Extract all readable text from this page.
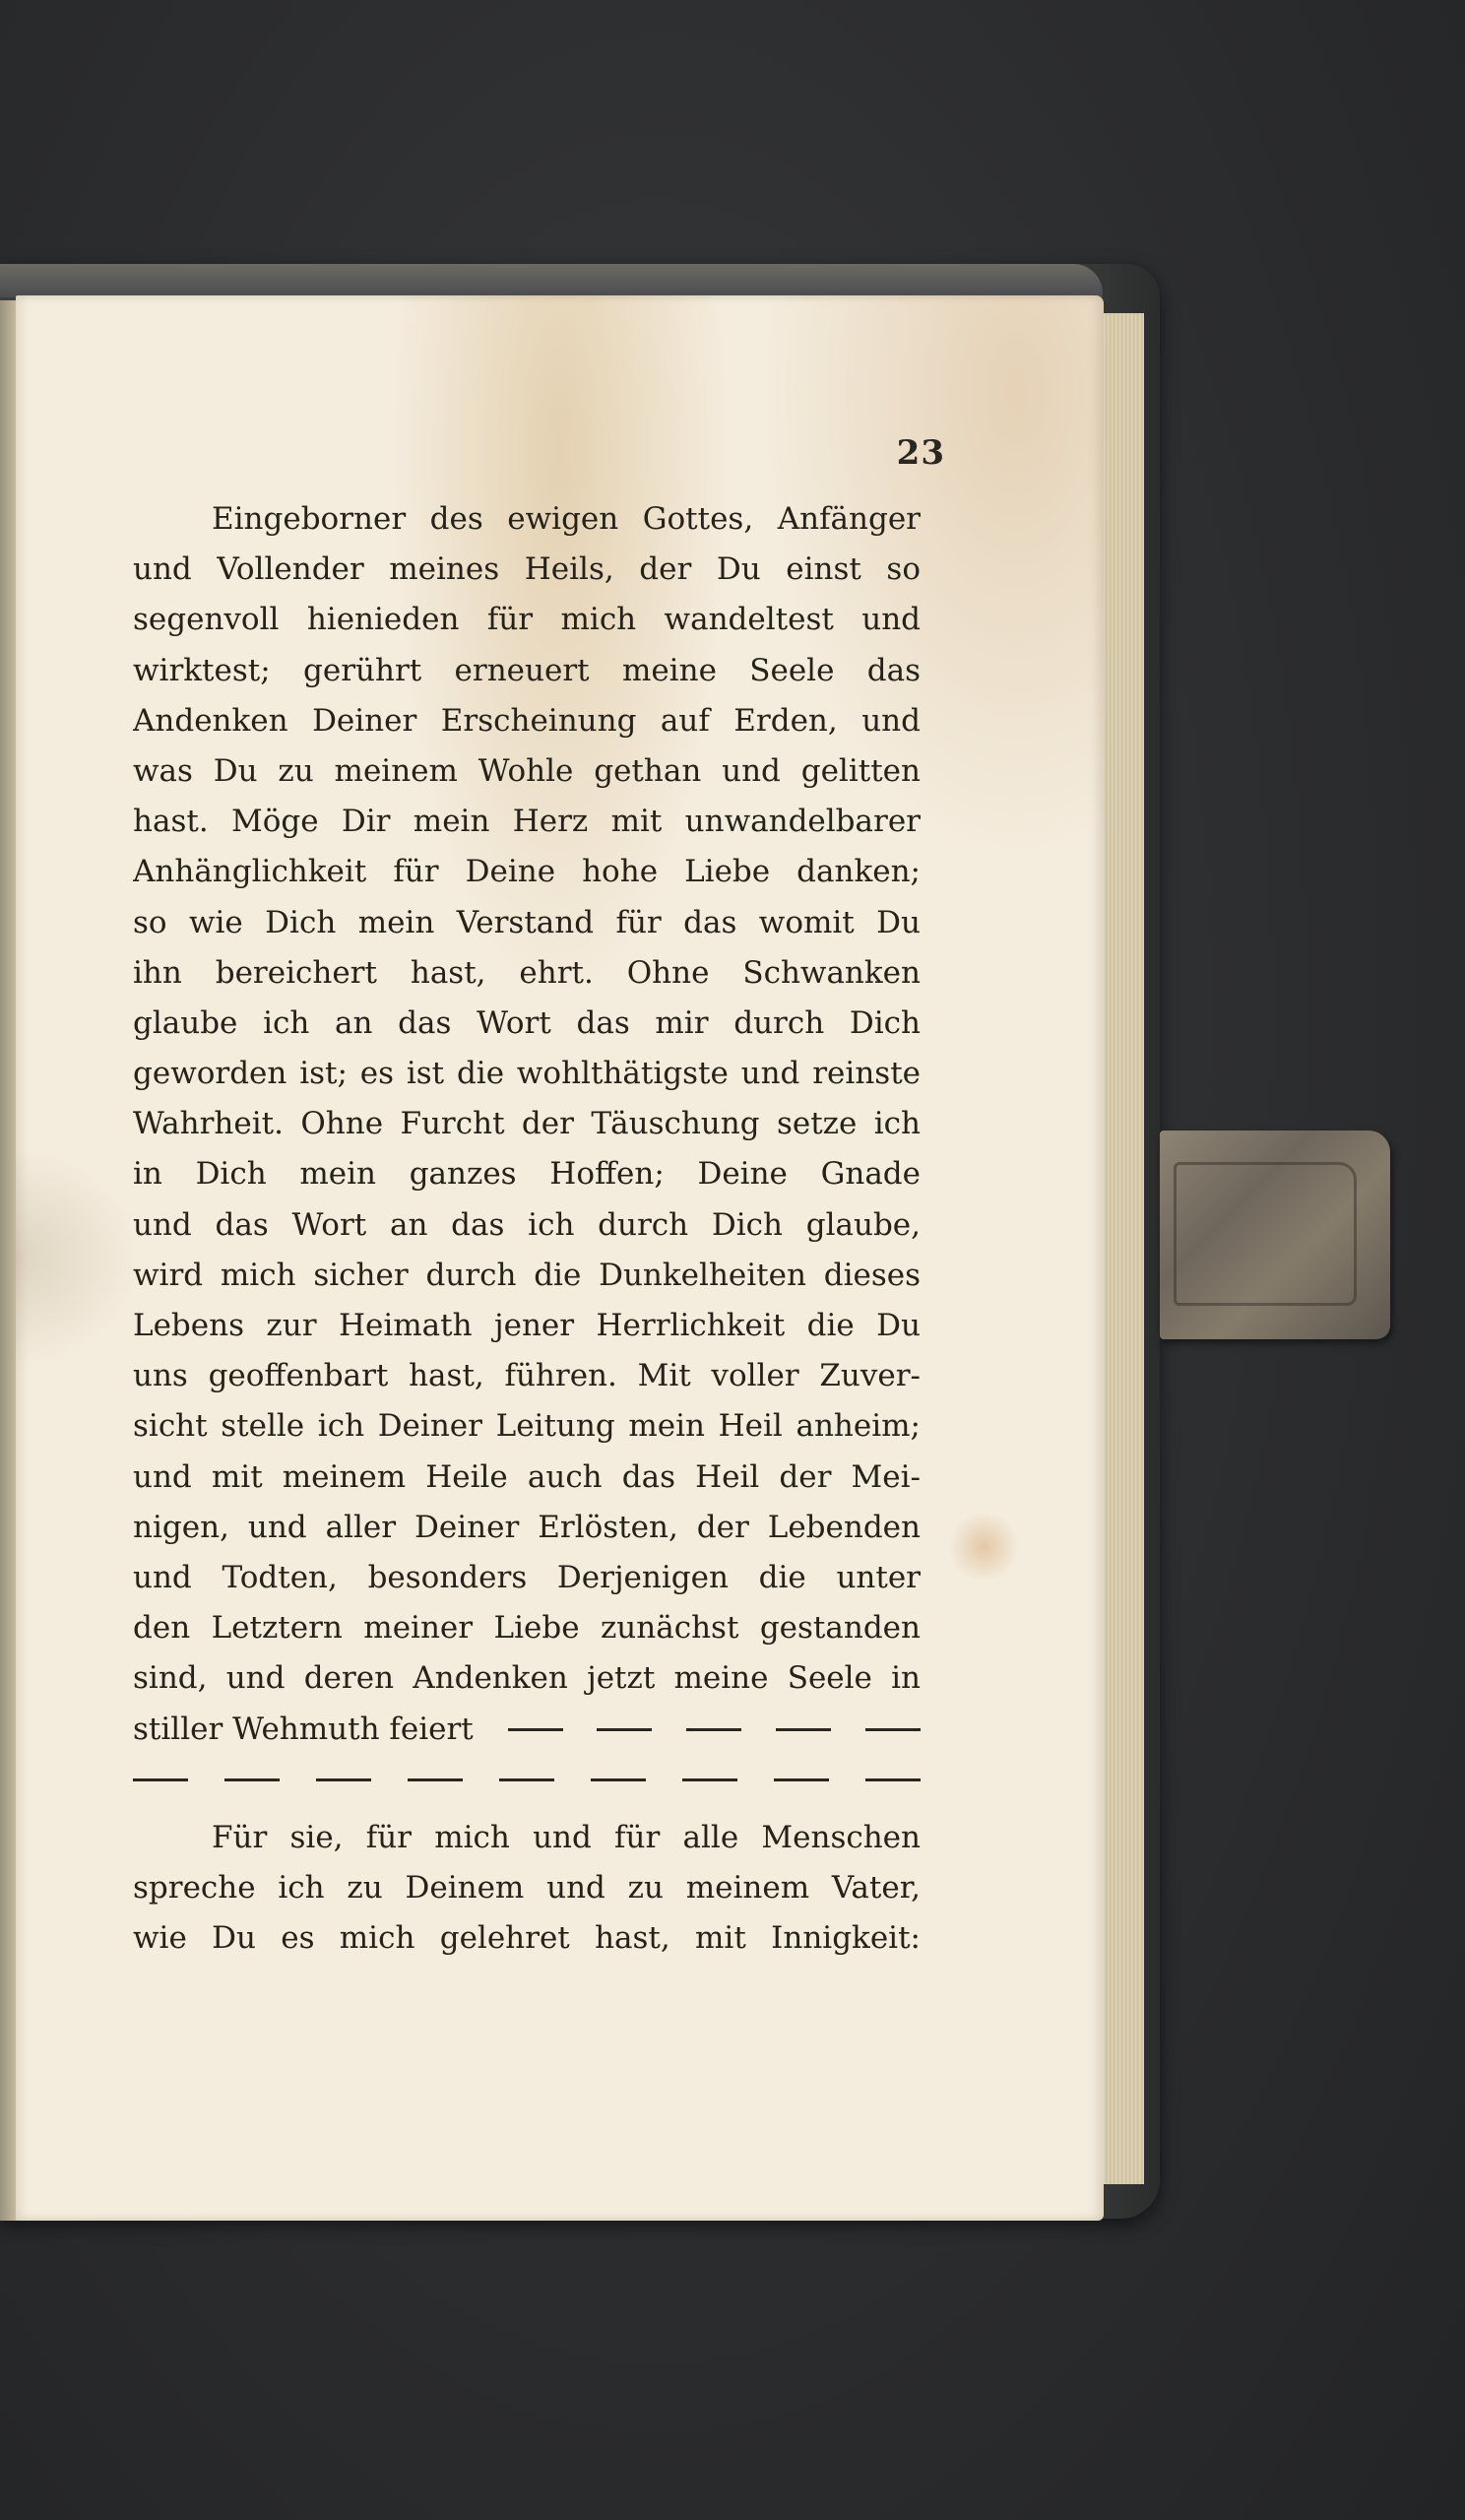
23
Eingeborner des ewigen Gottes, Anfänger
und Vollender meines Heils, der Du einst so
segenvoll hienieden für mich wandeltest und
wirktest; gerührt erneuert meine Seele das
Andenken Deiner Erscheinung auf Erden, und
was Du zu meinem Wohle gethan und gelitten
hast. Möge Dir mein Herz mit unwandelbarer
Anhänglichkeit für Deine hohe Liebe danken;
so wie Dich mein Verstand für das womit Du
ihn bereichert hast, ehrt. Ohne Schwanken
glaube ich an das Wort das mir durch Dich
geworden ist; es ist die wohlthätigste und reinste
Wahrheit. Ohne Furcht der Täuschung setze ich
in Dich mein ganzes Hoffen; Deine Gnade
und das Wort an das ich durch Dich glaube,
wird mich sicher durch die Dunkelheiten dieses
Lebens zur Heimath jener Herrlichkeit die Du
uns geoffenbart hast, führen. Mit voller Zuver-
sicht stelle ich Deiner Leitung mein Heil anheim;
und mit meinem Heile auch das Heil der Mei-
nigen, und aller Deiner Erlösten, der Lebenden
und Todten, besonders Derjenigen die unter
den Letztern meiner Liebe zunächst gestanden
sind, und deren Andenken jetzt meine Seele in
stiller Wehmuth feiert
Für sie, für mich und für alle Menschen
spreche ich zu Deinem und zu meinem Vater,
wie Du es mich gelehret hast, mit Innigkeit:
